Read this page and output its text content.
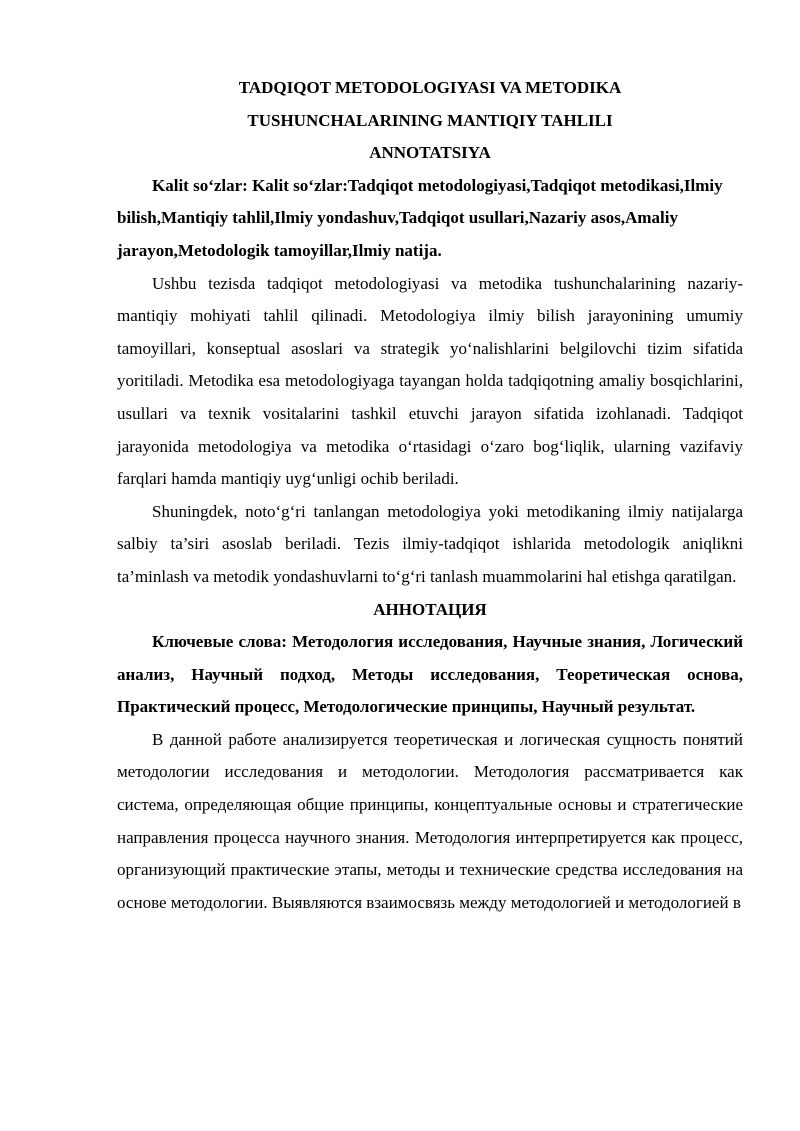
TADQIQOT METODOLOGIYASI VA METODIKA

TUSHUNCHALARINING MANTIQIY TAHLILI

ANNOTATSIYA

Kalit so‘zlar: Kalit so‘zlar:Tadqiqot metodologiyasi,Tadqiqot metodikasi,Ilmiy bilish,Mantiqiy tahlil,Ilmiy yondashuv,Tadqiqot usullari,Nazariy asos,Amaliy jarayon,Metodologik tamoyillar,Ilmiy natija.

Ushbu tezisda tadqiqot metodologiyasi va metodika tushunchalarining nazariy-mantiqiy mohiyati tahlil qilinadi. Metodologiya ilmiy bilish jarayonining umumiy tamoyillari, konseptual asoslari va strategik yo‘nalishlarini belgilovchi tizim sifatida yoritiladi. Metodika esa metodologiyaga tayangan holda tadqiqotning amaliy bosqichlarini, usullari va texnik vositalarini tashkil etuvchi jarayon sifatida izohlanadi. Tadqiqot jarayonida metodologiya va metodika o‘rtasidagi o‘zaro bog‘liqlik, ularning vazifaviy farqlari hamda mantiqiy uyg‘unligi ochib beriladi.

Shuningdek, noto‘g‘ri tanlangan metodologiya yoki metodikaning ilmiy natijalarga salbiy ta’siri asoslab beriladi. Tezis ilmiy-tadqiqot ishlarida metodologik aniqlikni ta’minlash va metodik yondashuvlarni to‘g‘ri tanlash muammolarini hal etishga qaratilgan.

АННОТАЦИЯ

Ключевые слова: Методология исследования, Научные знания, Логический анализ, Научный подход, Методы исследования, Теоретическая основа, Практический процесс, Методологические принципы, Научный результат.

В данной работе анализируется теоретическая и логическая сущность понятий методологии исследования и методологии. Методология рассматривается как система, определяющая общие принципы, концептуальные основы и стратегические направления процесса научного знания. Методология интерпретируется как процесс, организующий практические этапы, методы и технические средства исследования на основе методологии. Выявляются взаимосвязь между методологией и методологией в
